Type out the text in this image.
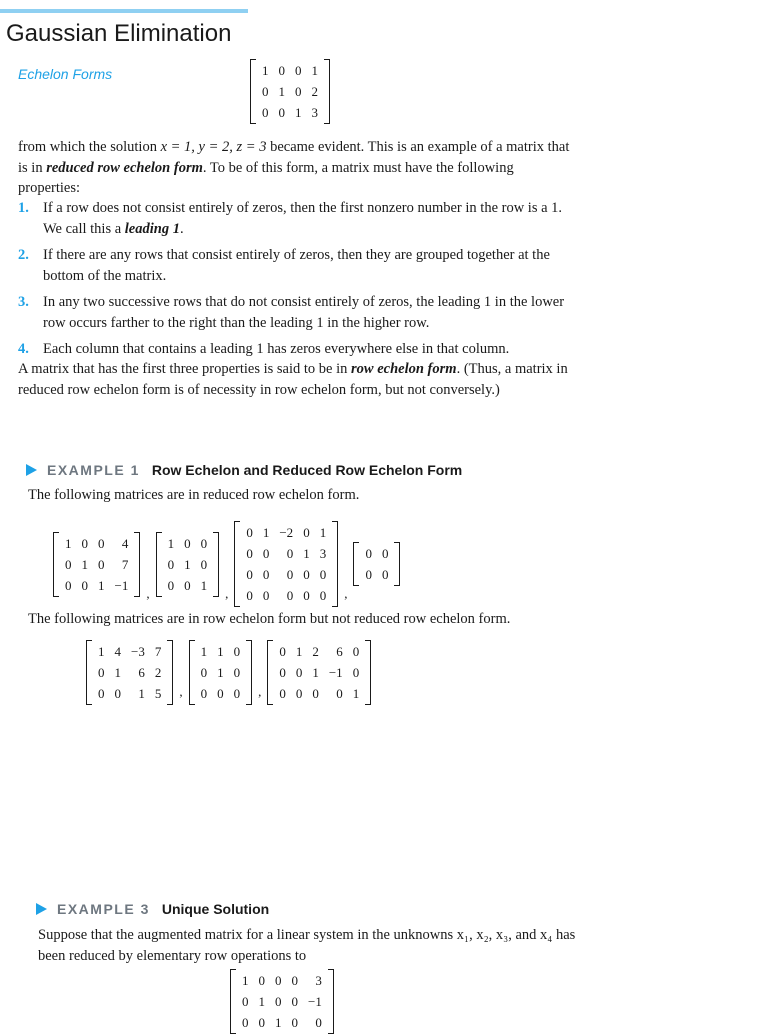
Gaussian Elimination
Echelon Forms	1 0 0 1
0 1 0 2
0 0 1 3

from which the solution x = 1, y = 2, z = 3 became evident. This is an example of a matrix that is in reduced row echelon form. To be of this form, a matrix must have the following properties:

1. If a row does not consist entirely of zeros, then the first nonzero number in the row is a 1. We call this a leading 1.
2. If there are any rows that consist entirely of zeros, then they are grouped together at the bottom of the matrix.
3. In any two successive rows that do not consist entirely of zeros, the leading 1 in the lower row occurs farther to the right than the leading 1 in the higher row.
4. Each column that contains a leading 1 has zeros everywhere else in that column.

A matrix that has the first three properties is said to be in row echelon form. (Thus, a matrix in reduced row echelon form is of necessity in row echelon form, but not conversely.)

EXAMPLE 1 Row Echelon and Reduced Row Echelon Form

The following matrices are in reduced row echelon form.

1 0 0	4
0 1 0	7
0 0 1 −1
,
1 0 0
0 1 0
0 0 1
,
0 1 −2 0 1
0 0	0 1 3
0 0	0 0 0
0 0	0 0 0	,
0 0
0 0

The following matrices are in row echelon form but not reduced row echelon form.

1 4 −3 7
0 1	6 2
0 0	1 5	,
1 1 0
0 1 0
0 0 0	,
0 1 2	6 0
0 0 1 −1 0
0 0 0	0 1
EXAMPLE 3 Unique Solution

Suppose that the augmented matrix for a linear system in the unknowns x₁, x₂, x₃, and x₄ has been reduced by elementary row operations to

1 0 0 0	3
0 1 0 0 −1
0 0 1 0	0
